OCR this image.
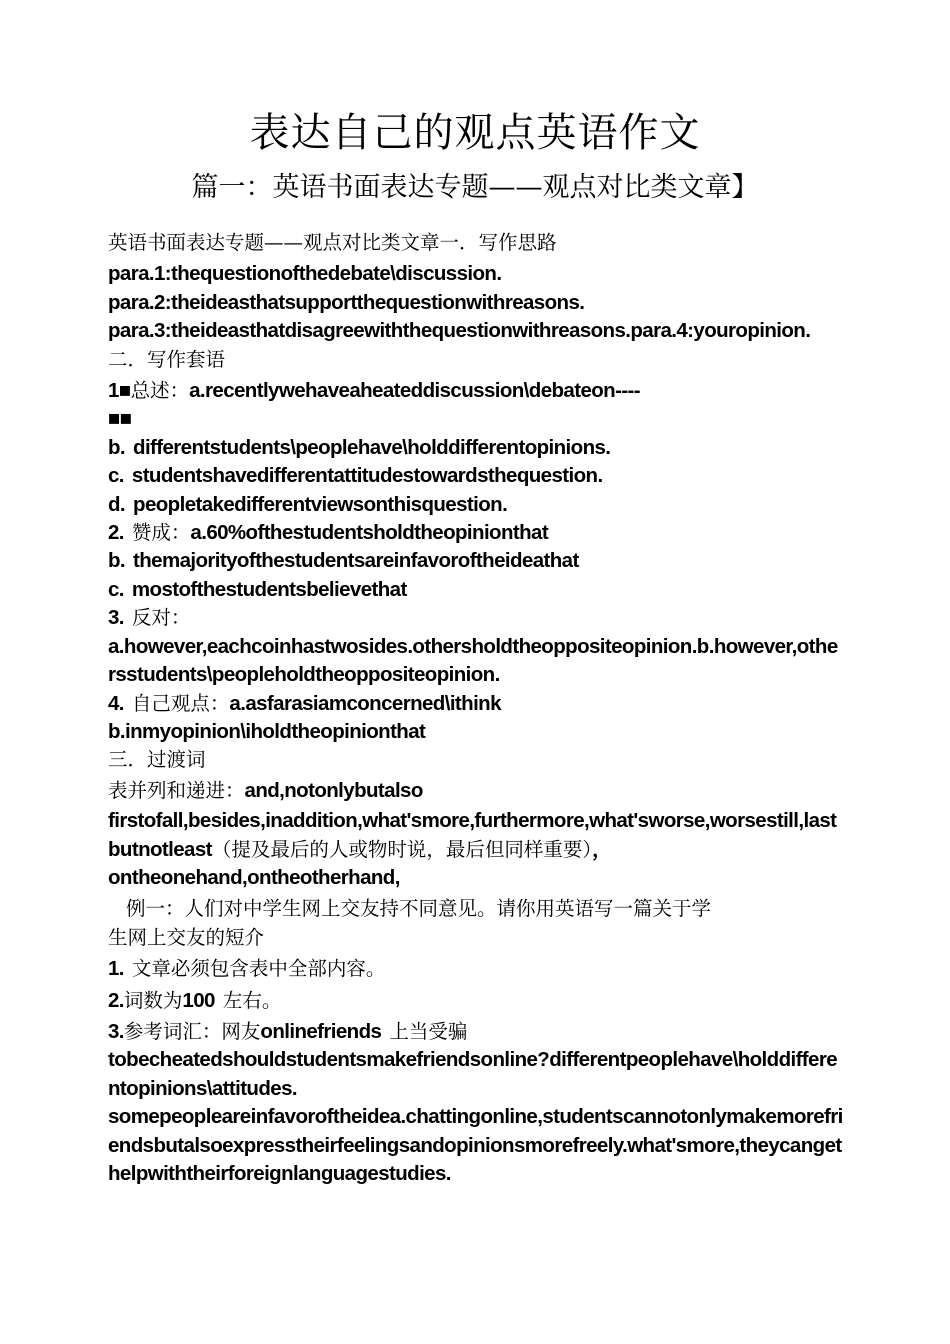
表达自己的观点英语作文
篇一：英语书面表达专题——观点对比类文章】
英语书面表达专题——观点对比类文章一．写作思路
para.1:thequestionofthedebate\discussion.
para.2:theideasthatsupportthequestionwithreasons.
para.3:theideasthatdisagreewiththequestionwithreasons.para.4:youropinion.
二．写作套语
1■总述：a.recentlywehaveaheateddiscussion\debateon----
■■
b. differentstudents\peoplehave\holddifferentopinions.
c. studentshavedifferentattitudestowardsthequestion.
d. peopletakedifferentviewsonthisquestion.
2. 赞成：a.60%ofthestudentsholdtheopinionthat
b. themajorityofthestudentsareinfavoroftheideathat
c. mostofthestudentsbelievethat
3. 反对：
a.however,eachcoinhastwosides.othersholdtheoppositeopinion.b.however,othersstudents\peopleholdtheoppositeopinion.
4. 自己观点：a.asfarasiamconcerned\ithink
b.inmyopinion\iholdtheopinionthat
三．过渡词
表并列和递进：and,notonlybutalso
firstofall,besides,inaddition,what'smore,furthermore,what'sworse,worsestill,lastbutnotleast（提及最后的人或物时说，最后但同样重要），
ontheonehand,ontheotherhand,
例一：人们对中学生网上交友持不同意见。请你用英语写一篇关于学
生网上交友的短介
1. 文章必须包含表中全部内容。
2.词数为100 左右。
3.参考词汇：网友onlinefriends 上当受骗
tobecheatedshouldstudentsmakefriendsonline?differentpeoplehave\holddifferentopinions\attitudes.
somepeopleareinfavoroftheidea.chattingonline,studentscannotonlymakemorefriendsbutalsoexpresstheirfeelingsandopinionsmorefreely.what'smore,theycangethelpwiththeirforeignlanguagestudies.
